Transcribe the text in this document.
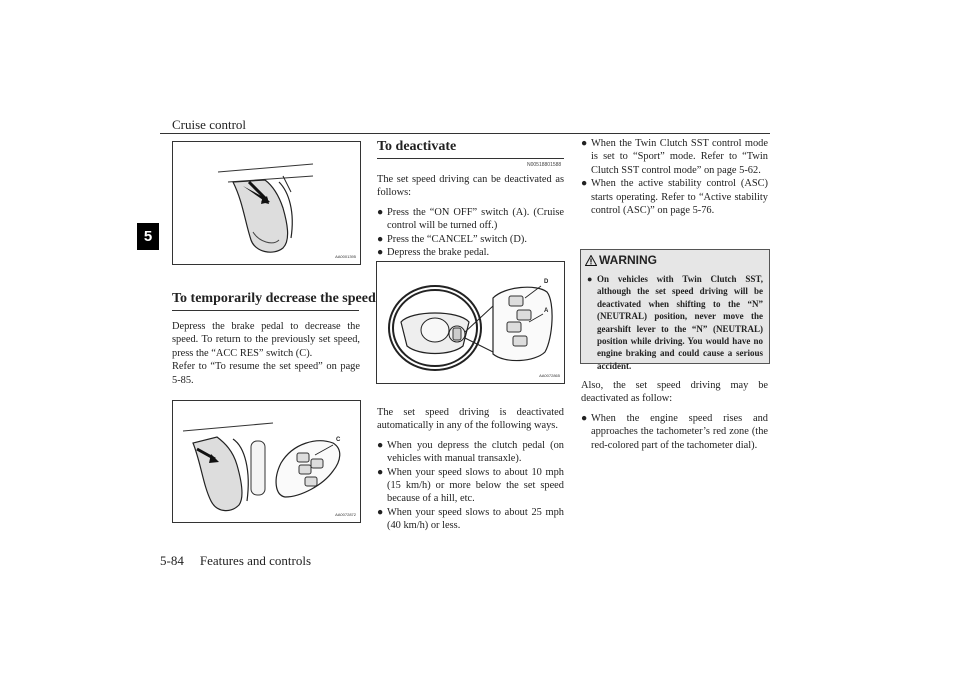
Cruise control
5
AA0001395
To temporarily decrease the speed
Depress the brake pedal to decrease the speed. To return to the previously set speed, press the “ACC RES” switch (C).
Refer to “To resume the set speed” on page 5-85.
C
AA0072872
To deactivate
N00518801588
The set speed driving can be deactivated as follows:
● Press the “ON OFF” switch (A). (Cruise control will be turned off.)
● Press the “CANCEL” switch (D).
● Depress the brake pedal.
D
A
AA0072865
The set speed driving is deactivated automatically in any of the following ways.
● When you depress the clutch pedal (on vehicles with manual transaxle).
● When your speed slows to about 10 mph (15 km/h) or more below the set speed because of a hill, etc.
● When your speed slows to about 25 mph (40 km/h) or less.
● When the Twin Clutch SST control mode is set to “Sport” mode. Refer to “Twin Clutch SST control mode” on page 5-62.
● When the active stability control (ASC) starts operating. Refer to “Active stability control (ASC)” on page 5-76.
WARNING
● On vehicles with Twin Clutch SST, although the set speed driving will be deactivated when shifting to the “N” (NEUTRAL) position, never move the gearshift lever to the “N” (NEUTRAL) position while driving. You would have no engine braking and could cause a serious accident.
Also, the set speed driving may be deactivated as follow:
● When the engine speed rises and approaches the tachometer’s red zone (the red-colored part of the tachometer dial).
5-84 Features and controls
